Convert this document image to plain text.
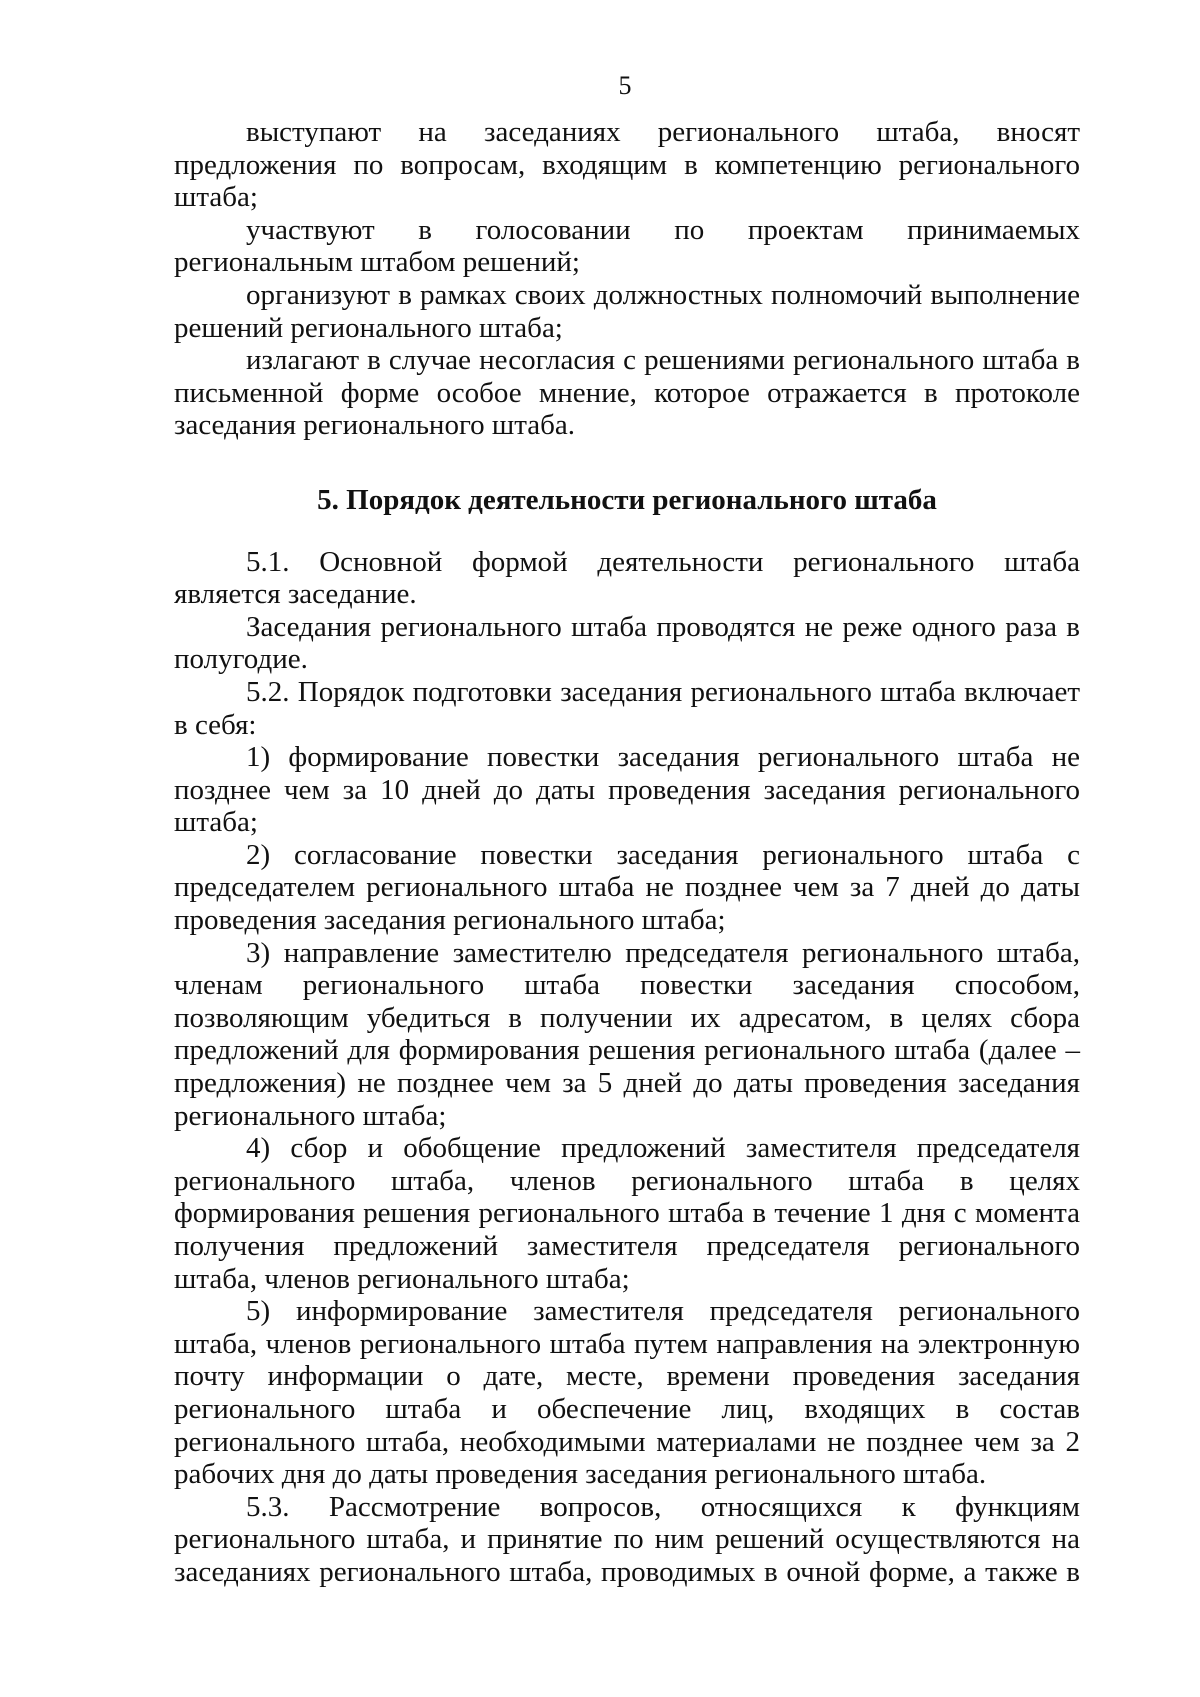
5

выступают на заседаниях регионального штаба, вносят предложения по вопросам, входящим в компетенцию регионального штаба;

участвуют в голосовании по проектам принимаемых региональным штабом решений;

организуют в рамках своих должностных полномочий выполнение решений регионального штаба;

излагают в случае несогласия с решениями регионального штаба в письменной форме особое мнение, которое отражается в протоколе заседания регионального штаба.

5. Порядок деятельности регионального штаба

5.1. Основной формой деятельности регионального штаба является заседание.

Заседания регионального штаба проводятся не реже одного раза в полугодие.

5.2. Порядок подготовки заседания регионального штаба включает в себя:

1) формирование повестки заседания регионального штаба не позднее чем за 10 дней до даты проведения заседания регионального штаба;

2) согласование повестки заседания регионального штаба с председателем регионального штаба не позднее чем за 7 дней до даты проведения заседания регионального штаба;

3) направление заместителю председателя регионального штаба, членам регионального штаба повестки заседания способом, позволяющим убедиться в получении их адресатом, в целях сбора предложений для формирования решения регионального штаба (далее – предложения) не позднее чем за 5 дней до даты проведения заседания регионального штаба;

4) сбор и обобщение предложений заместителя председателя регионального штаба, членов регионального штаба в целях формирования решения регионального штаба в течение 1 дня с момента получения предложений заместителя председателя регионального штаба, членов регионального штаба;

5) информирование заместителя председателя регионального штаба, членов регионального штаба путем направления на электронную почту информации о дате, месте, времени проведения заседания регионального штаба и обеспечение лиц, входящих в состав регионального штаба, необходимыми материалами не позднее чем за 2 рабочих дня до даты проведения заседания регионального штаба.

5.3. Рассмотрение вопросов, относящихся к функциям регионального штаба, и принятие по ним решений осуществляются на заседаниях регионального штаба, проводимых в очной форме, а также в
